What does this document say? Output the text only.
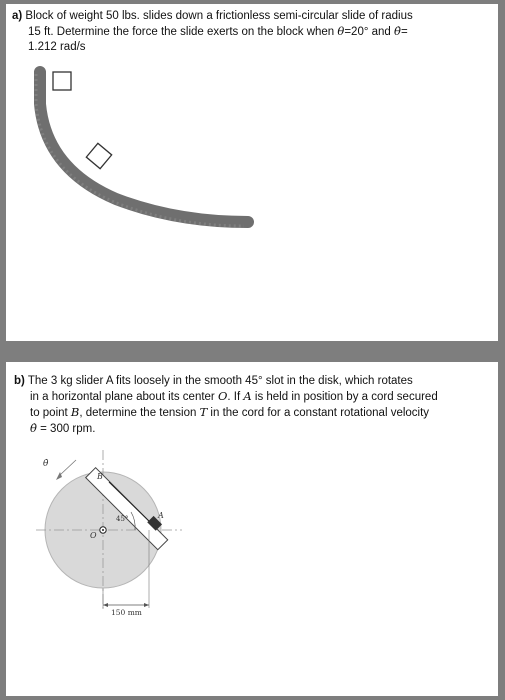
a) Block of weight 50 lbs. slides down a frictionless semi-circular slide of radius

15 ft. Determine the force the slide exerts on the block when θ=20° and θ̇=

1.212 rad/s

b) The 3 kg slider A fits loosely in the smooth 45° slot in the disk, which rotates

in a horizontal plane about its center O. If A is held in position by a cord secured

to point B, determine the tension T in the cord for a constant rotational velocity

θ̇ = 300 rpm.

θ̇
B
A
O
45°
150 mm
